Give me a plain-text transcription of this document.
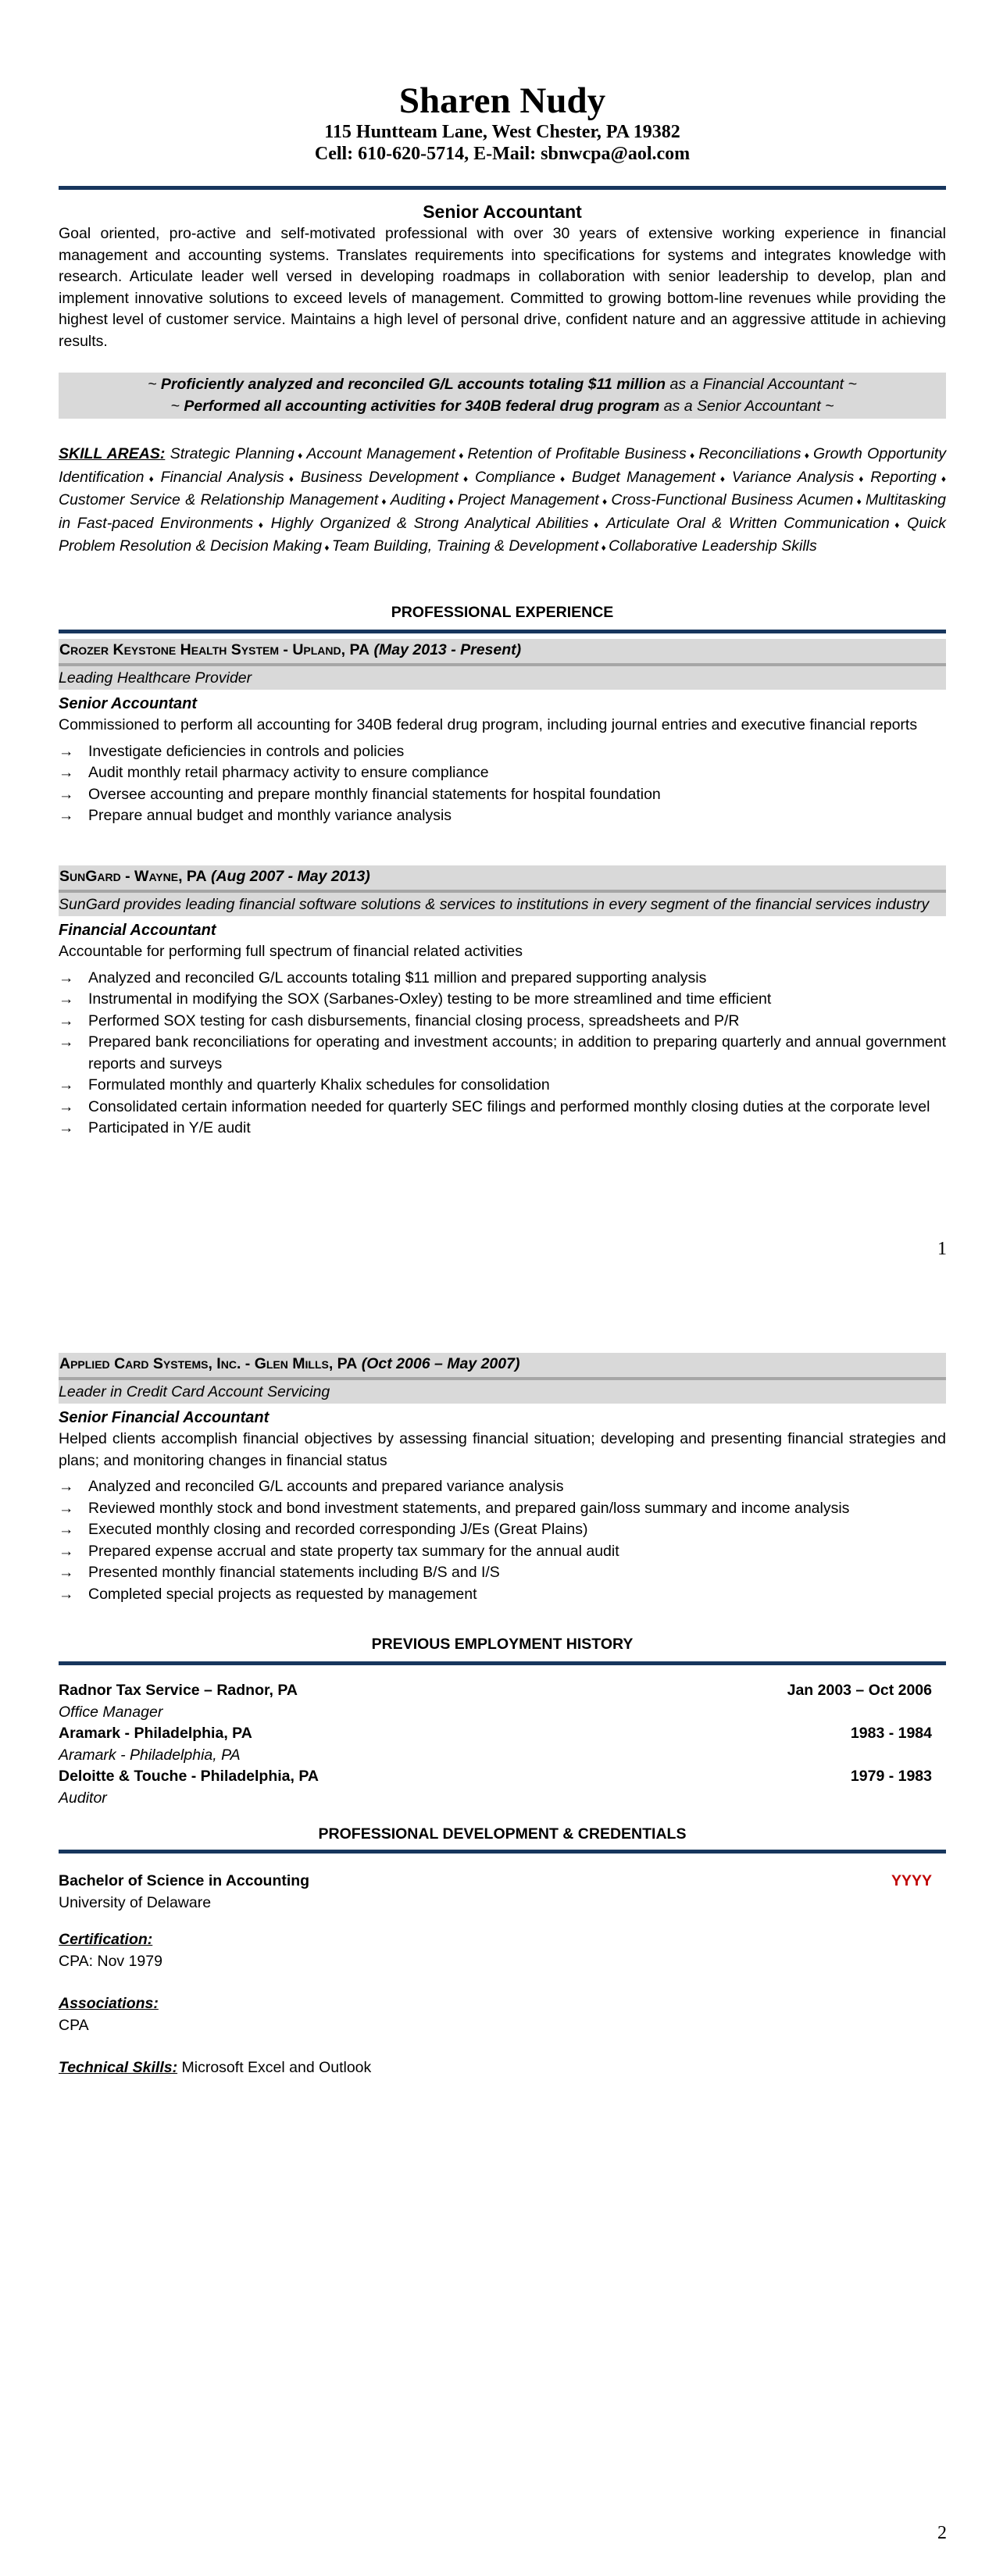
Sharen Nudy
115 Huntteam Lane, West Chester, PA 19382
Cell: 610-620-5714, E-Mail: sbnwcpa@aol.com
Senior Accountant
Goal oriented, pro-active and self-motivated professional with over 30 years of extensive working experience in financial management and accounting systems. Translates requirements into specifications for systems and integrates knowledge with research. Articulate leader well versed in developing roadmaps in collaboration with senior leadership to develop, plan and implement innovative solutions to exceed levels of management. Committed to growing bottom-line revenues while providing the highest level of customer service. Maintains a high level of personal drive, confident nature and an aggressive attitude in achieving results.
~ Proficiently analyzed and reconciled G/L accounts totaling $11 million as a Financial Accountant ~
~ Performed all accounting activities for 340B federal drug program as a Senior Accountant ~
SKILL AREAS: Strategic Planning ♦ Account Management ♦ Retention of Profitable Business ♦ Reconciliations ♦ Growth Opportunity Identification ♦ Financial Analysis ♦ Business Development ♦ Compliance ♦ Budget Management ♦ Variance Analysis ♦ Reporting ♦ Customer Service & Relationship Management ♦ Auditing ♦ Project Management ♦ Cross-Functional Business Acumen ♦ Multitasking in Fast-paced Environments ♦ Highly Organized & Strong Analytical Abilities ♦ Articulate Oral & Written Communication ♦ Quick Problem Resolution & Decision Making ♦ Team Building, Training & Development ♦ Collaborative Leadership Skills
PROFESSIONAL EXPERIENCE
Crozer Keystone Health System - Upland, PA (May 2013 - Present)
Leading Healthcare Provider
Senior Accountant
Commissioned to perform all accounting for 340B federal drug program, including journal entries and executive financial reports
→ Investigate deficiencies in controls and policies
→ Audit monthly retail pharmacy activity to ensure compliance
→ Oversee accounting and prepare monthly financial statements for hospital foundation
→ Prepare annual budget and monthly variance analysis
SunGard - Wayne, PA (Aug 2007 - May 2013)
SunGard provides leading financial software solutions & services to institutions in every segment of the financial services industry
Financial Accountant
Accountable for performing full spectrum of financial related activities
→ Analyzed and reconciled G/L accounts totaling $11 million and prepared supporting analysis
→ Instrumental in modifying the SOX (Sarbanes-Oxley) testing to be more streamlined and time efficient
→ Performed SOX testing for cash disbursements, financial closing process, spreadsheets and P/R
→ Prepared bank reconciliations for operating and investment accounts; in addition to preparing quarterly and annual government reports and surveys
→ Formulated monthly and quarterly Khalix schedules for consolidation
→ Consolidated certain information needed for quarterly SEC filings and performed monthly closing duties at the corporate level
→ Participated in Y/E audit
1
Applied Card Systems, Inc. - Glen Mills, PA (Oct 2006 – May 2007)
Leader in Credit Card Account Servicing
Senior Financial Accountant
Helped clients accomplish financial objectives by assessing financial situation; developing and presenting financial strategies and plans; and monitoring changes in financial status
→ Analyzed and reconciled G/L accounts and prepared variance analysis
→ Reviewed monthly stock and bond investment statements, and prepared gain/loss summary and income analysis
→ Executed monthly closing and recorded corresponding J/Es (Great Plains)
→ Prepared expense accrual and state property tax summary for the annual audit
→ Presented monthly financial statements including B/S and I/S
→ Completed special projects as requested by management
PREVIOUS EMPLOYMENT HISTORY
Radnor Tax Service – Radnor, PA	Jan 2003 – Oct 2006
Office Manager
Aramark - Philadelphia, PA	1983 - 1984
Aramark - Philadelphia, PA
Deloitte & Touche - Philadelphia, PA	1979 - 1983
Auditor
PROFESSIONAL DEVELOPMENT & CREDENTIALS
Bachelor of Science in Accounting	YYYY
University of Delaware
Certification:
CPA: Nov 1979
Associations:
CPA
Technical Skills: Microsoft Excel and Outlook
2
